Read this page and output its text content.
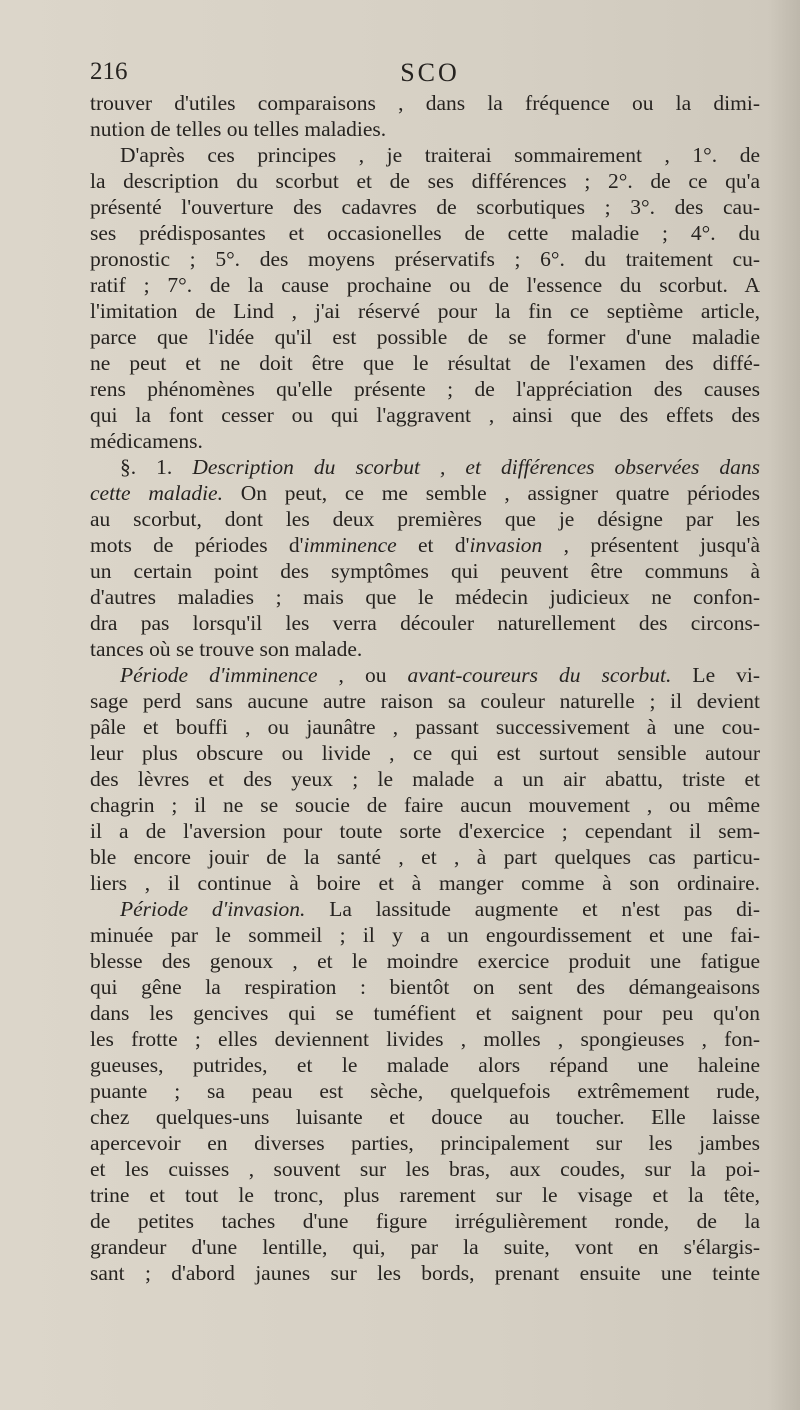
216	SCO
trouver d'utiles comparaisons , dans la fréquence ou la dimi-
nution de telles ou telles maladies.
D'après ces principes , je traiterai sommairement , 1°. de
la description du scorbut et de ses différences ; 2°. de ce qu'a
présenté l'ouverture des cadavres de scorbutiques ; 3°. des cau-
ses prédisposantes et occasionelles de cette maladie ; 4°. du
pronostic ; 5°. des moyens préservatifs ; 6°. du traitement cu-
ratif ; 7°. de la cause prochaine ou de l'essence du scorbut. A
l'imitation de Lind , j'ai réservé pour la fin ce septième article,
parce que l'idée qu'il est possible de se former d'une maladie
ne peut et ne doit être que le résultat de l'examen des diffé-
rens phénomènes qu'elle présente ; de l'appréciation des causes
qui la font cesser ou qui l'aggravent , ainsi que des effets des
médicamens.
§. 1. Description du scorbut , et différences observées dans
cette maladie. On peut, ce me semble , assigner quatre périodes
au scorbut, dont les deux premières que je désigne par les
mots de périodes d'imminence et d'invasion , présentent jusqu'à
un certain point des symptômes qui peuvent être communs à
d'autres maladies ; mais que le médecin judicieux ne confon-
dra pas lorsqu'il les verra découler naturellement des circons-
tances où se trouve son malade.
Période d'imminence , ou avant-coureurs du scorbut. Le vi-
sage perd sans aucune autre raison sa couleur naturelle ; il devient
pâle et bouffi , ou jaunâtre , passant successivement à une cou-
leur plus obscure ou livide , ce qui est surtout sensible autour
des lèvres et des yeux ; le malade a un air abattu, triste et
chagrin ; il ne se soucie de faire aucun mouvement , ou même
il a de l'aversion pour toute sorte d'exercice ; cependant il sem-
ble encore jouir de la santé , et , à part quelques cas particu-
liers , il continue à boire et à manger comme à son ordinaire.
Période d'invasion. La lassitude augmente et n'est pas di-
minuée par le sommeil ; il y a un engourdissement et une fai-
blesse des genoux , et le moindre exercice produit une fatigue
qui gêne la respiration : bientôt on sent des démangeaisons
dans les gencives qui se tuméfient et saignent pour peu qu'on
les frotte ; elles deviennent livides , molles , spongieuses , fon-
gueuses, putrides, et le malade alors répand une haleine
puante ; sa peau est sèche, quelquefois extrêmement rude,
chez quelques-uns luisante et douce au toucher. Elle laisse
apercevoir en diverses parties, principalement sur les jambes
et les cuisses , souvent sur les bras, aux coudes, sur la poi-
trine et tout le tronc, plus rarement sur le visage et la tête,
de petites taches d'une figure irrégulièrement ronde, de la
grandeur d'une lentille, qui, par la suite, vont en s'élargis-
sant ; d'abord jaunes sur les bords, prenant ensuite une teinte
